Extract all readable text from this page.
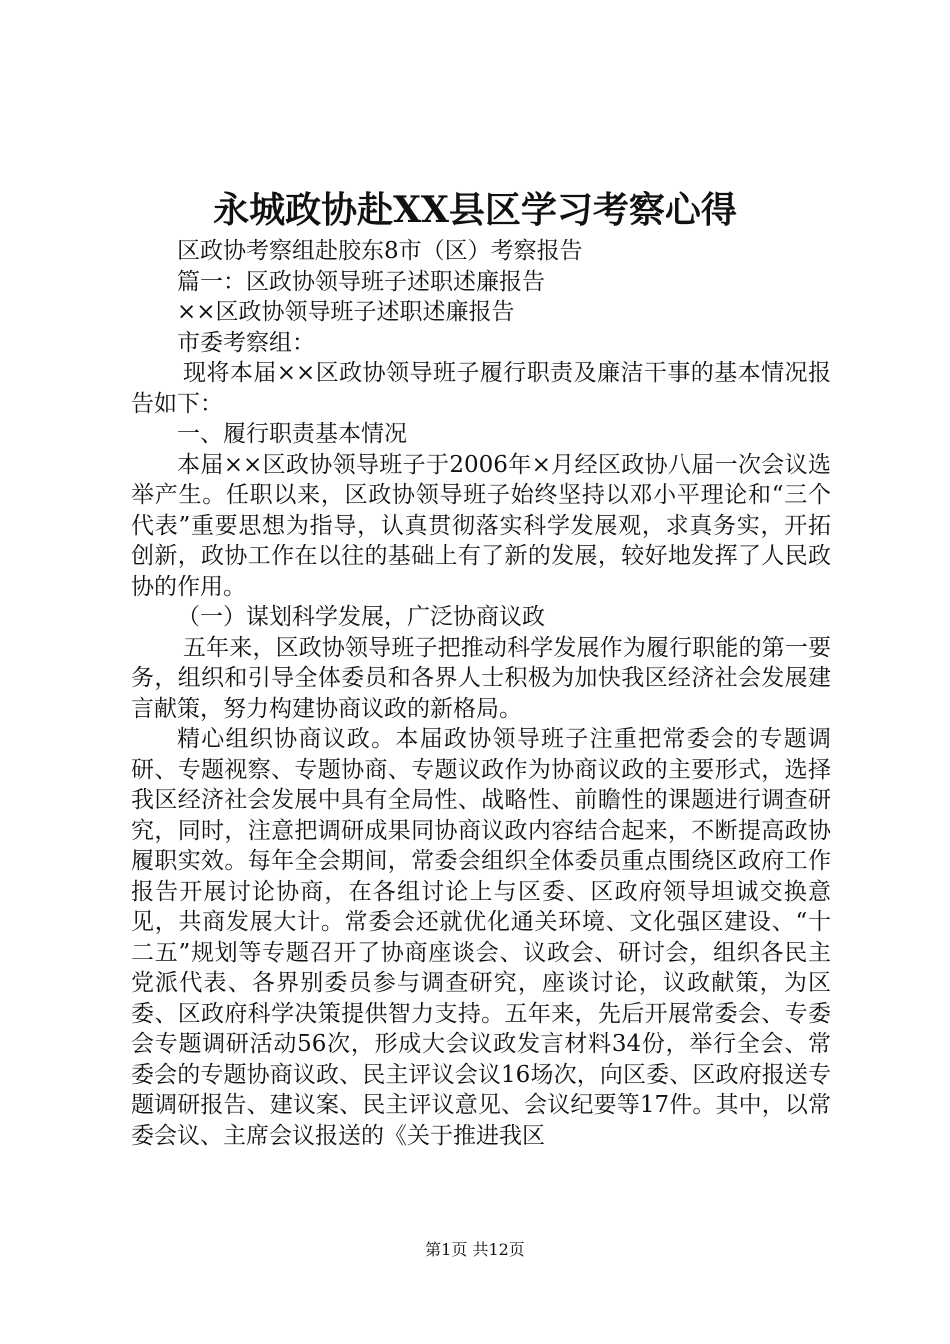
永城政协赴XX县区学习考察心得

区政协考察组赴胶东8市（区）考察报告

篇一：区政协领导班子述职述廉报告

××区政协领导班子述职述廉报告

市委考察组：

现将本届××区政协领导班子履行职责及廉洁干事的基本情况报告如下：

一、履行职责基本情况

本届××区政协领导班子于2006年×月经区政协八届一次会议选举产生。任职以来，区政协领导班子始终坚持以邓小平理论和“三个代表”重要思想为指导，认真贯彻落实科学发展观，求真务实，开拓创新，政协工作在以往的基础上有了新的发展，较好地发挥了人民政协的作用。

（一）谋划科学发展，广泛协商议政

五年来，区政协领导班子把推动科学发展作为履行职能的第一要务，组织和引导全体委员和各界人士积极为加快我区经济社会发展建言献策，努力构建协商议政的新格局。

精心组织协商议政。本届政协领导班子注重把常委会的专题调研、专题视察、专题协商、专题议政作为协商议政的主要形式，选择我区经济社会发展中具有全局性、战略性、前瞻性的课题进行调查研究，同时，注意把调研成果同协商议政内容结合起来，不断提高政协履职实效。每年全会期间，常委会组织全体委员重点围绕区政府工作报告开展讨论协商，在各组讨论上与区委、区政府领导坦诚交换意见，共商发展大计。常委会还就优化通关环境、文化强区建设、“十二五”规划等专题召开了协商座谈会、议政会、研讨会，组织各民主党派代表、各界别委员参与调查研究，座谈讨论，议政献策，为区委、区政府科学决策提供智力支持。五年来，先后开展常委会、专委会专题调研活动56次，形成大会议政发言材料34份，举行全会、常委会的专题协商议政、民主评议会议16场次，向区委、区政府报送专题调研报告、建议案、民主评议意见、会议纪要等17件。其中，以常委会议、主席会议报送的《关于推进我区

第1页 共12页
